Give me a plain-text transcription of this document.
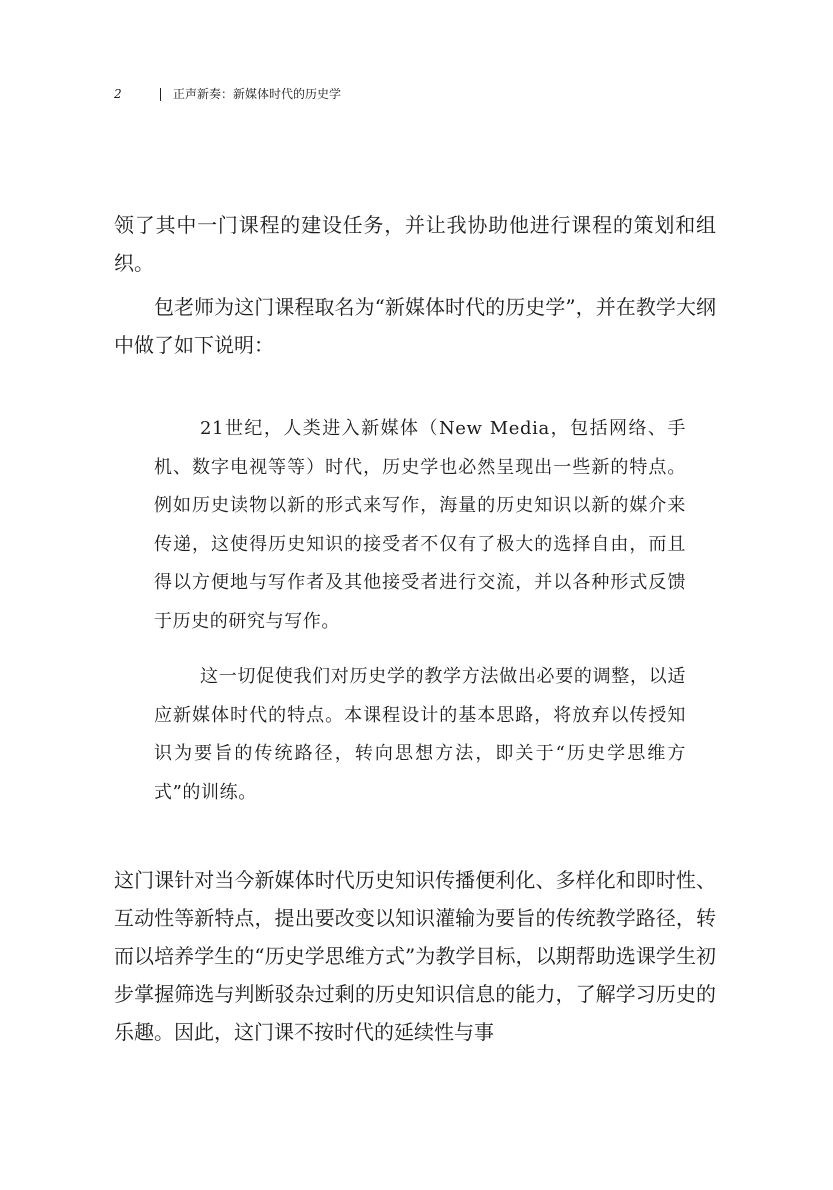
2	正声新奏：新媒体时代的历史学

领了其中一门课程的建设任务，并让我协助他进行课程的策划和组织。

包老师为这门课程取名为“新媒体时代的历史学”，并在教学大纲中做了如下说明：

21世纪，人类进入新媒体（New Media，包括网络、手机、数字电视等等）时代，历史学也必然呈现出一些新的特点。例如历史读物以新的形式来写作，海量的历史知识以新的媒介来传递，这使得历史知识的接受者不仅有了极大的选择自由，而且得以方便地与写作者及其他接受者进行交流，并以各种形式反馈于历史的研究与写作。

这一切促使我们对历史学的教学方法做出必要的调整，以适应新媒体时代的特点。本课程设计的基本思路，将放弃以传授知识为要旨的传统路径，转向思想方法，即关于“历史学思维方式”的训练。

这门课针对当今新媒体时代历史知识传播便利化、多样化和即时性、互动性等新特点，提出要改变以知识灌输为要旨的传统教学路径，转而以培养学生的“历史学思维方式”为教学目标，以期帮助选课学生初步掌握筛选与判断驳杂过剩的历史知识信息的能力，了解学习历史的乐趣。因此，这门课不按时代的延续性与事
